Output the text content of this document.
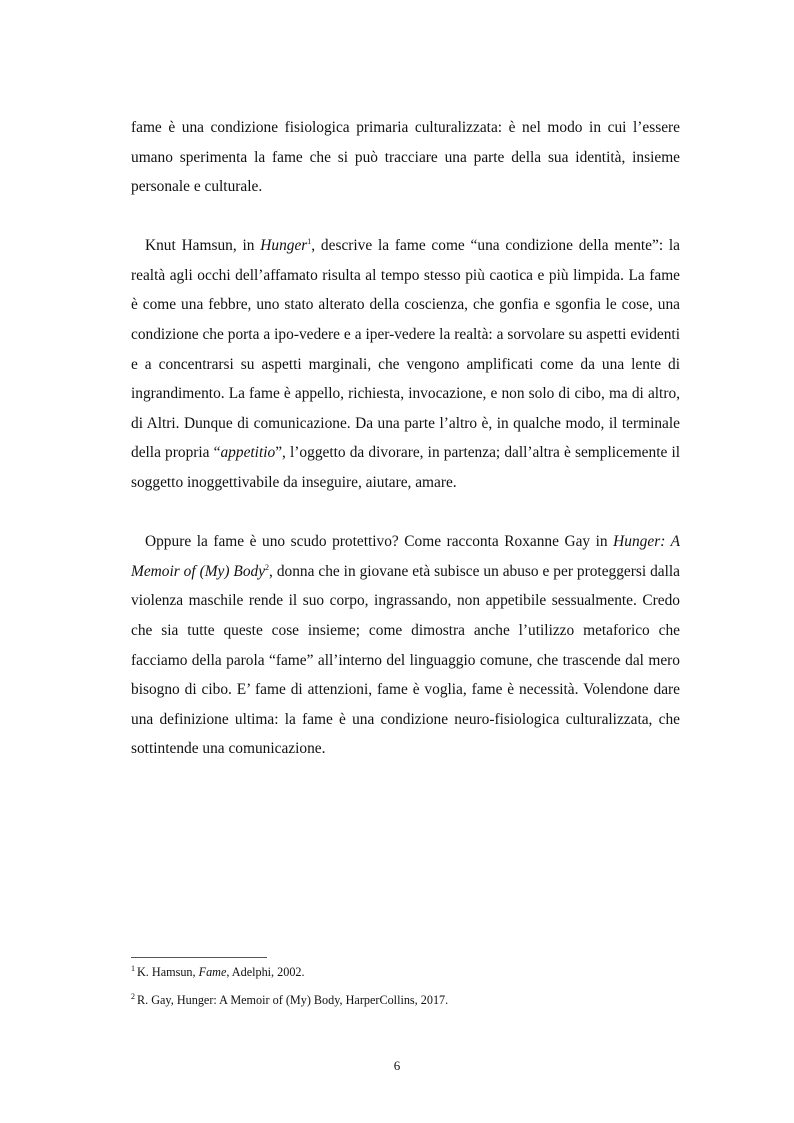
fame è una condizione fisiologica primaria culturalizzata: è nel modo in cui l’essere umano sperimenta la fame che si può tracciare una parte della sua identità, insieme personale e culturale.

Knut Hamsun, in Hunger$^1$, descrive la fame come “una condizione della mente”: la realtà agli occhi dell’affamato risulta al tempo stesso più caotica e più limpida. La fame è come una febbre, uno stato alterato della coscienza, che gonfia e sgonfia le cose, una condizione che porta a ipo-vedere e a iper-vedere la realtà: a sorvolare su aspetti evidenti e a concentrarsi su aspetti marginali, che vengono amplificati come da una lente di ingrandimento. La fame è appello, richiesta, invocazione, e non solo di cibo, ma di altro, di Altri. Dunque di comunicazione. Da una parte l’altro è, in qualche modo, il terminale della propria “appetitio”, l’oggetto da divorare, in partenza; dall’altra è semplicemente il soggetto inoggettivabile da inseguire, aiutare, amare.

Oppure la fame è uno scudo protettivo? Come racconta Roxanne Gay in Hunger: A Memoir of (My) Body$^2$, donna che in giovane età subisce un abuso e per proteggersi dalla violenza maschile rende il suo corpo, ingrassando, non appetibile sessualmente. Credo che sia tutte queste cose insieme; come dimostra anche l’utilizzo metaforico che facciamo della parola “fame” all’interno del linguaggio comune, che trascende dal mero bisogno di cibo. E’ fame di attenzioni, fame è voglia, fame è necessità. Volendone dare una definizione ultima: la fame è una condizione neuro-fisiologica culturalizzata, che sottintende una comunicazione.

$^1$ K. Hamsun, Fame, Adelphi, 2002.

$^2$ R. Gay, Hunger: A Memoir of (My) Body, HarperCollins, 2017.

6
